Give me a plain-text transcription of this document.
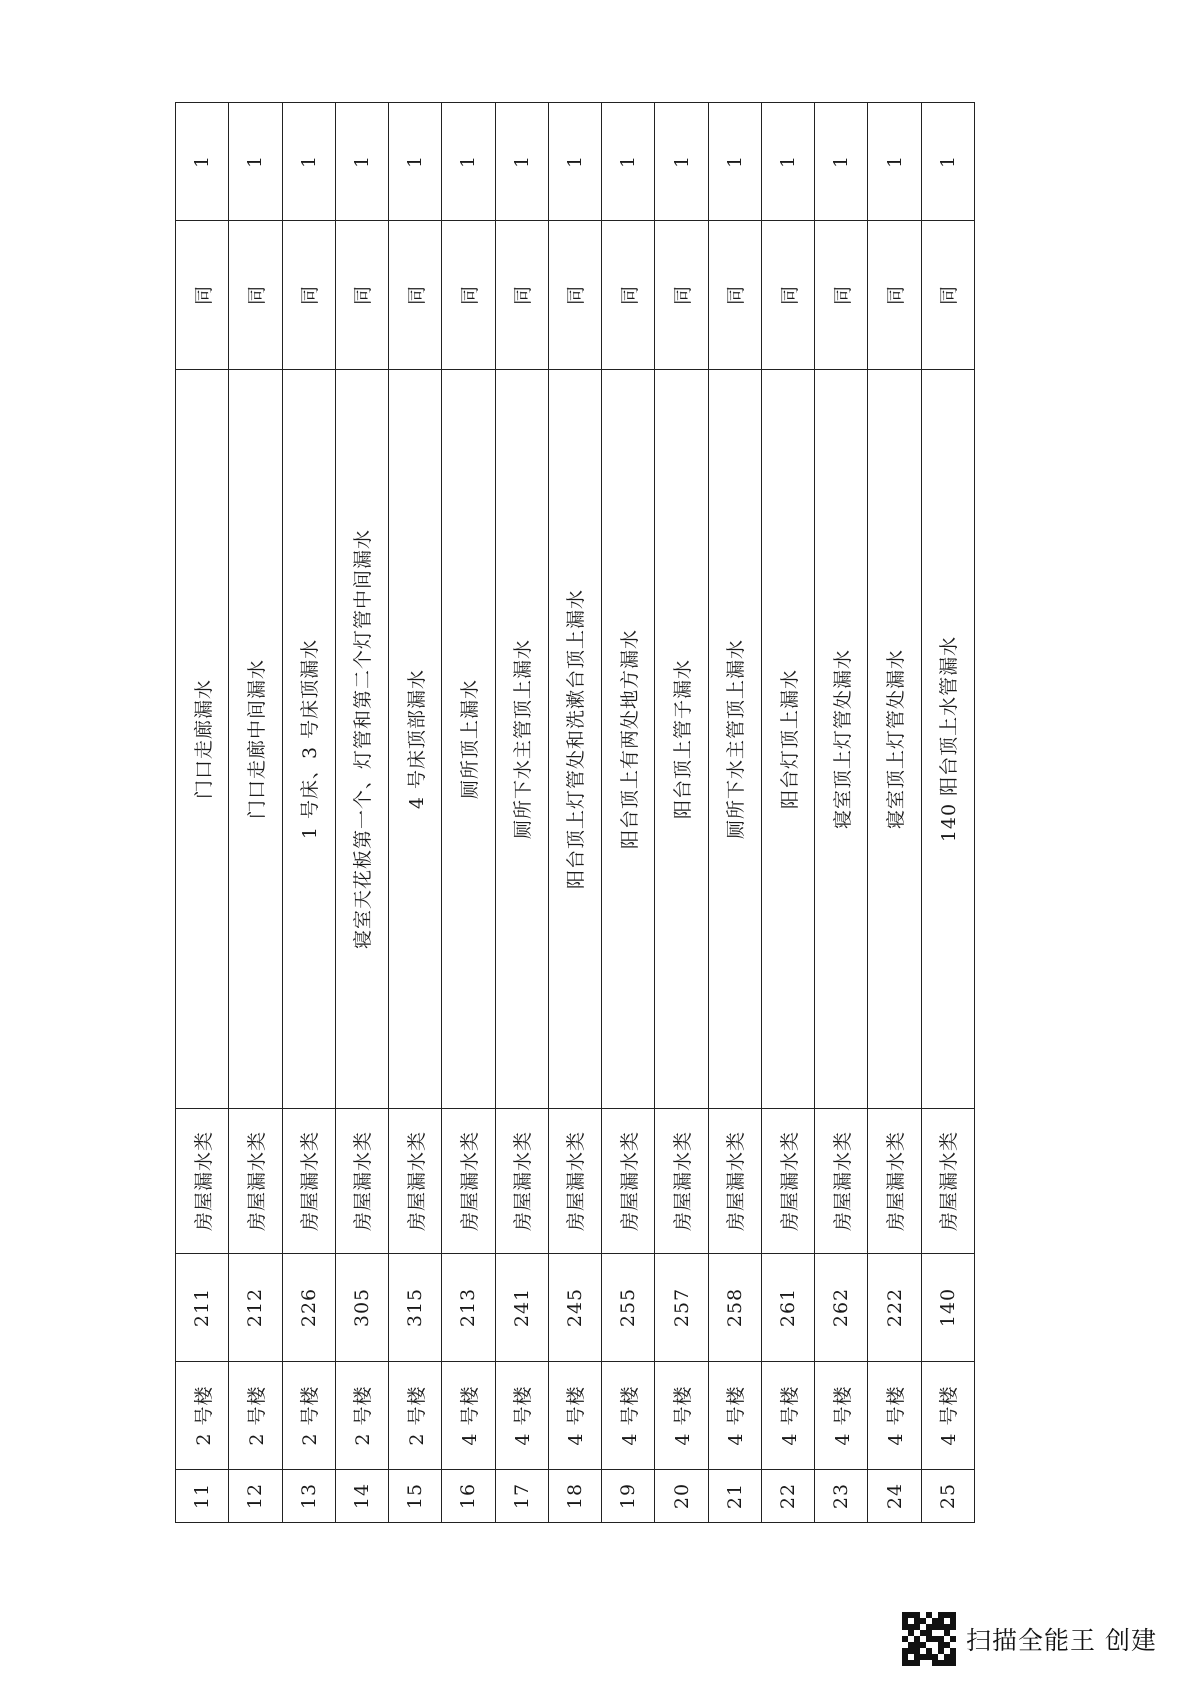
11	2 号楼	211	房屋漏水类	门口走廊漏水	同	1
12	2 号楼	212	房屋漏水类	门口走廊中间漏水	同	1
13	2 号楼	226	房屋漏水类	1 号床、3 号床顶漏水	同	1
14	2 号楼	305	房屋漏水类	寝室天花板第一个、灯管和第二个灯管中间漏水	同	1
15	2 号楼	315	房屋漏水类	4 号床顶部漏水	同	1
16	4 号楼	213	房屋漏水类	厕所顶上漏水	同	1
17	4 号楼	241	房屋漏水类	厕所下水主管顶上漏水	同	1
18	4 号楼	245	房屋漏水类	阳台顶上灯管处和洗漱台顶上漏水	同	1
19	4 号楼	255	房屋漏水类	阳台顶上有两处地方漏水	同	1
20	4 号楼	257	房屋漏水类	阳台顶上管子漏水	同	1
21	4 号楼	258	房屋漏水类	厕所下水主管顶上漏水	同	1
22	4 号楼	261	房屋漏水类	阳台灯顶上漏水	同	1
23	4 号楼	262	房屋漏水类	寝室顶上灯管处漏水	同	1
24	4 号楼	222	房屋漏水类	寝室顶上灯管处漏水	同	1
25	4 号楼	140	房屋漏水类	140 阳台顶上水管漏水	同	1
扫描全能王 创建
